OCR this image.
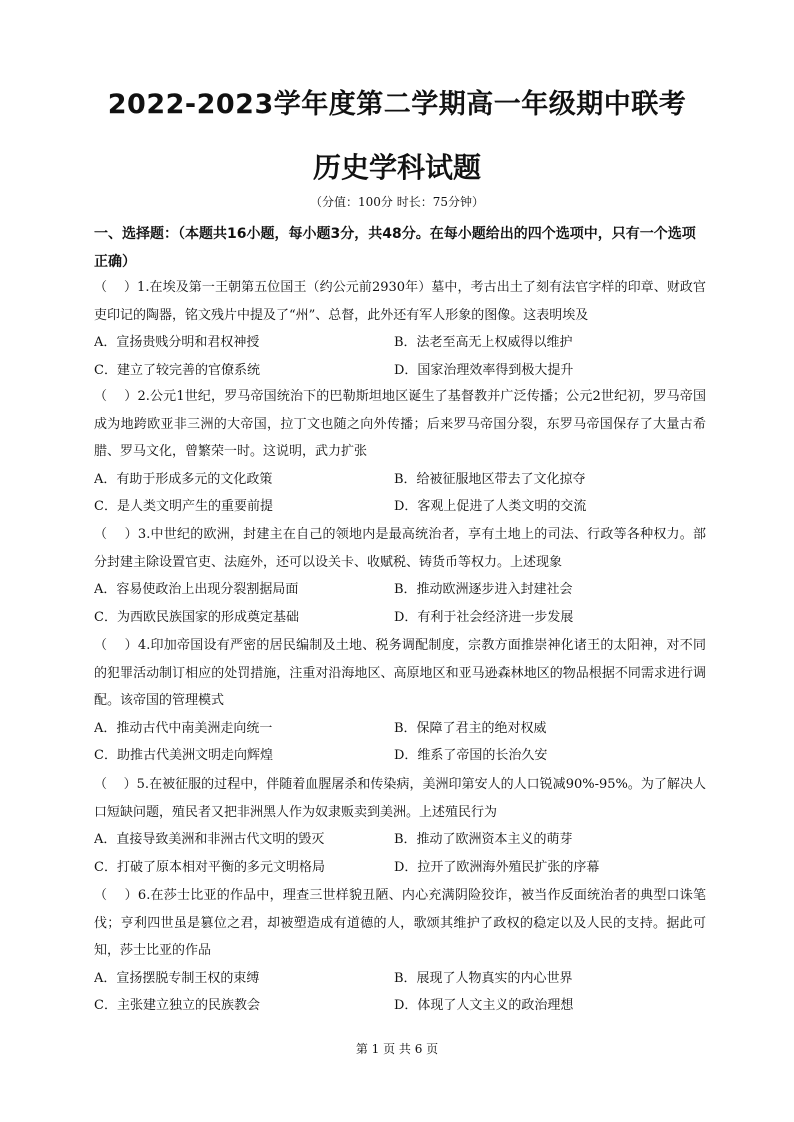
2022-2023学年度第二学期高一年级期中联考
历史学科试题
（分值：100分 时长：75分钟）
一、选择题：（本题共16小题，每小题3分，共48分。在每小题给出的四个选项中，只有一个选项正确）
（    ）1.在埃及第一王朝第五位国王（约公元前2930年）墓中，考古出土了刻有法官字样的印章、财政官吏印记的陶器，铭文残片中提及了“州”、总督，此外还有军人形象的图像。这表明埃及
A．宣扬贵贱分明和君权神授	B．法老至高无上权威得以维护
C．建立了较完善的官僚系统	D．国家治理效率得到极大提升
（    ）2.公元1世纪，罗马帝国统治下的巴勒斯坦地区诞生了基督教并广泛传播；公元2世纪初，罗马帝国成为地跨欧亚非三洲的大帝国，拉丁文也随之向外传播；后来罗马帝国分裂，东罗马帝国保存了大量古希腊、罗马文化，曾繁荣一时。这说明，武力扩张
A．有助于形成多元的文化政策	B．给被征服地区带去了文化掠夺
C．是人类文明产生的重要前提	D．客观上促进了人类文明的交流
（    ）3.中世纪的欧洲，封建主在自己的领地内是最高统治者，享有土地上的司法、行政等各种权力。部分封建主除设置官吏、法庭外，还可以设关卡、收赋税、铸货币等权力。上述现象
A．容易使政治上出现分裂割据局面	B．推动欧洲逐步进入封建社会
C．为西欧民族国家的形成奠定基础	D．有利于社会经济进一步发展
（    ）4.印加帝国设有严密的居民编制及土地、税务调配制度，宗教方面推崇神化诸王的太阳神，对不同的犯罪活动制订相应的处罚措施，注重对沿海地区、高原地区和亚马逊森林地区的物品根据不同需求进行调配。该帝国的管理模式
A．推动古代中南美洲走向统一	B．保障了君主的绝对权威
C．助推古代美洲文明走向辉煌	D．维系了帝国的长治久安
（    ）5.在被征服的过程中，伴随着血腥屠杀和传染病，美洲印第安人的人口锐减90%-95%。为了解决人口短缺问题，殖民者又把非洲黑人作为奴隶贩卖到美洲。上述殖民行为
A．直接导致美洲和非洲古代文明的毁灭	B．推动了欧洲资本主义的萌芽
C．打破了原本相对平衡的多元文明格局	D．拉开了欧洲海外殖民扩张的序幕
（    ）6.在莎士比亚的作品中，理查三世样貌丑陋、内心充满阴险狡诈，被当作反面统治者的典型口诛笔伐；亨利四世虽是篡位之君，却被塑造成有道德的人，歌颂其维护了政权的稳定以及人民的支持。据此可知，莎士比亚的作品
A．宣扬摆脱专制王权的束缚	B．展现了人物真实的内心世界
C．主张建立独立的民族教会	D．体现了人文主义的政治理想
第 1 页 共 6 页
